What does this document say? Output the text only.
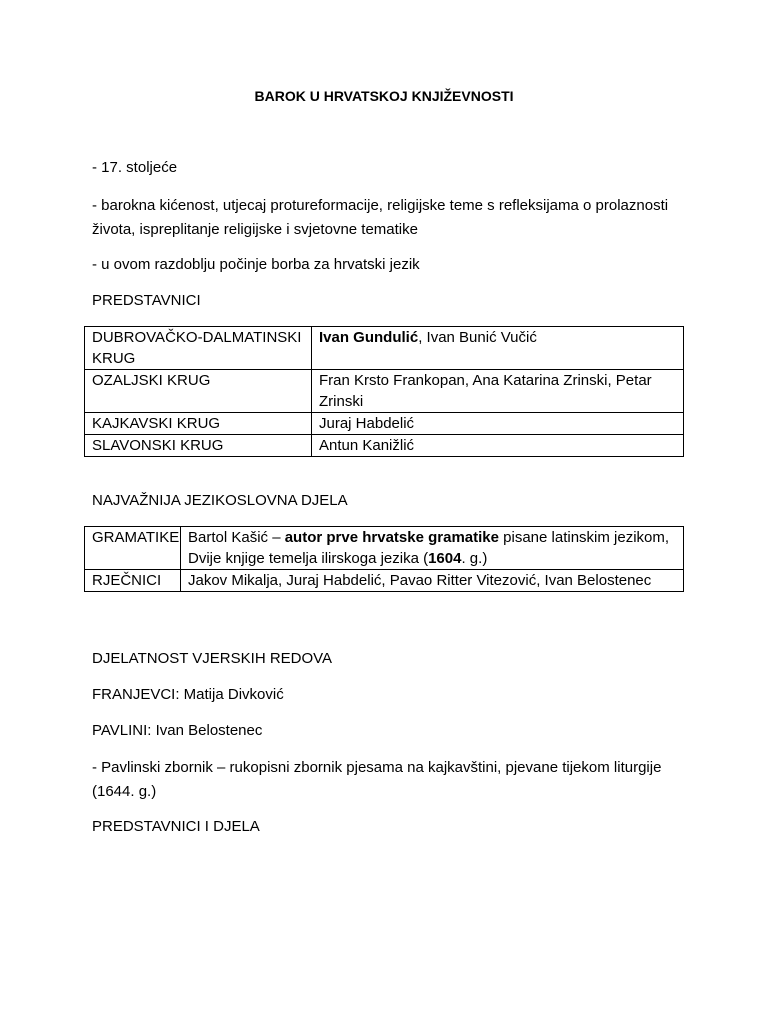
BAROK U HRVATSKOJ KNJIŽEVNOSTI

- 17. stoljeće

- barokna kićenost, utjecaj protureformacije, religijske teme s refleksijama o prolaznosti života, ispreplitanje religijske i svjetovne tematike

- u ovom razdoblju počinje borba za hrvatski jezik

PREDSTAVNICI

DUBROVAČKO-DALMATINSKI KRUG	Ivan Gundulić, Ivan Bunić Vučić
OZALJSKI KRUG	Fran Krsto Frankopan, Ana Katarina Zrinski, Petar Zrinski
KAJKAVSKI KRUG	Juraj Habdelić
SLAVONSKI KRUG	Antun Kanižlić

NAJVAŽNIJA JEZIKOSLOVNA DJELA

GRAMATIKE	Bartol Kašić – autor prve hrvatske gramatike pisane latinskim jezikom, Dvije knjige temelja ilirskoga jezika (1604. g.)
RJEČNICI	Jakov Mikalja, Juraj Habdelić, Pavao Ritter Vitezović, Ivan Belostenec

DJELATNOST VJERSKIH REDOVA

FRANJEVCI: Matija Divković

PAVLINI: Ivan Belostenec

- Pavlinski zbornik – rukopisni zbornik pjesama na kajkavštini, pjevane tijekom liturgije (1644. g.)

PREDSTAVNICI I DJELA
